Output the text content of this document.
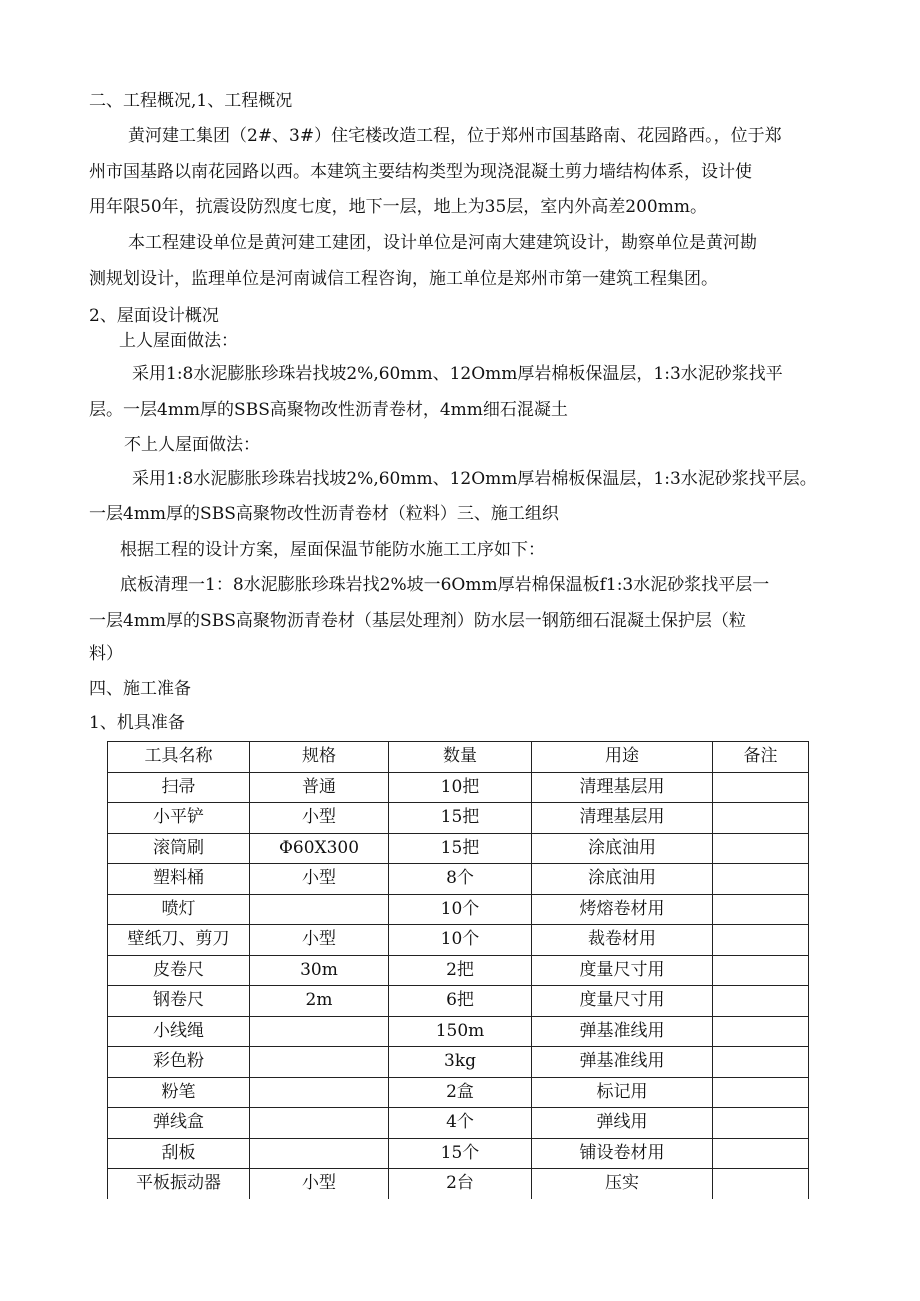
二、工程概况,1、工程概况
黄河建工集团（2#、3#）住宅楼改造工程，位于郑州市国基路南、花园路西。，位于郑
州市国基路以南花园路以西。本建筑主要结构类型为现浇混凝土剪力墙结构体系，设计使
用年限50年，抗震设防烈度七度，地下一层，地上为35层，室内外高差200mm。
本工程建设单位是黄河建工建团，设计单位是河南大建建筑设计，勘察单位是黄河勘
测规划设计，监理单位是河南诚信工程咨询，施工单位是郑州市第一建筑工程集团。
2、屋面设计概况
上人屋面做法：
采用1:8水泥膨胀珍珠岩找坡2%,60mm、12Omm厚岩棉板保温层，1:3水泥砂浆找平
层。一层4mm厚的SBS高聚物改性沥青卷材，4mm细石混凝土
不上人屋面做法：
采用1:8水泥膨胀珍珠岩找坡2%,60mm、12Omm厚岩棉板保温层，1:3水泥砂浆找平层。
一层4mm厚的SBS高聚物改性沥青卷材（粒料）三、施工组织
根据工程的设计方案，屋面保温节能防水施工工序如下：
底板清理一1：8水泥膨胀珍珠岩找2%坡一6Omm厚岩棉保温板f1:3水泥砂浆找平层一
一层4mm厚的SBS高聚物沥青卷材（基层处理剂）防水层一钢筋细石混凝土保护层（粒
料）
四、施工准备
1、机具准备
工具名称	规格	数量	用途	备注
扫帚	普通	10把	清理基层用	
小平铲	小型	15把	清理基层用	
滚筒刷	Φ60X300	15把	涂底油用	
塑料桶	小型	8个	涂底油用	
喷灯		10个	烤熔卷材用	
壁纸刀、剪刀	小型	10个	裁卷材用	
皮卷尺	30m	2把	度量尺寸用	
钢卷尺	2m	6把	度量尺寸用	
小线绳		150m	弹基准线用	
彩色粉		3kg	弹基准线用	
粉笔		2盒	标记用	
弹线盒		4个	弹线用	
刮板		15个	铺设卷材用	
平板振动器	小型	2台	压实	
